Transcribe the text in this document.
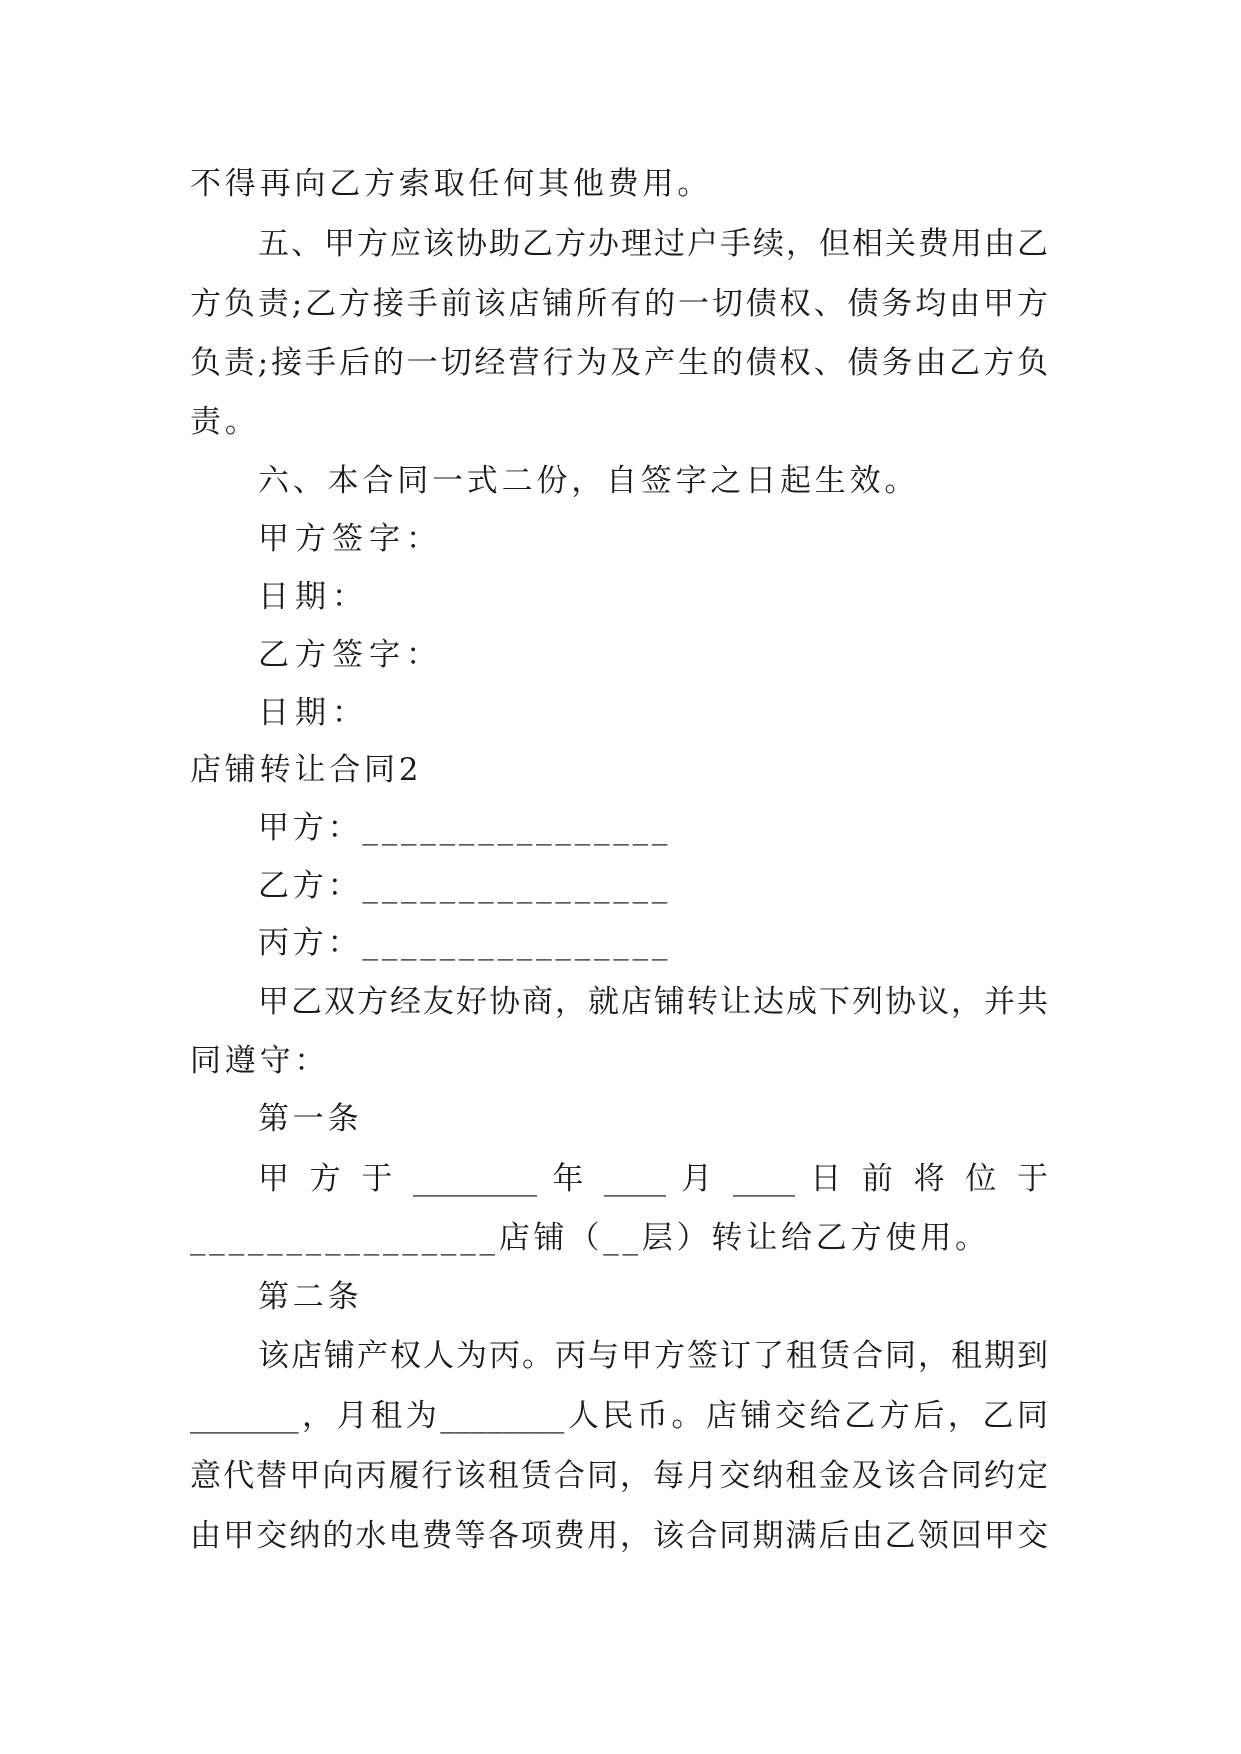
不得再向乙方索取任何其他费用。
五、甲方应该协助乙方办理过户手续，但相关费用由乙
方负责;乙方接手前该店铺所有的一切债权、债务均由甲方
负责;接手后的一切经营行为及产生的债权、债务由乙方负
责。
六、本合同一式二份，自签字之日起生效。
甲方签字：
日期：
乙方签字：
日期：
店铺转让合同2
甲方：________________
乙方：________________
丙方：________________
甲乙双方经友好协商，就店铺转让达成下列协议，并共
同遵守：
第一条
甲 方 于 ________ 年 ____ 月 ____ 日 前 将 位 于
________________店铺（__层）转让给乙方使用。
第二条
该店铺产权人为丙。丙与甲方签订了租赁合同，租期到
_______，月租为________人民币。店铺交给乙方后，乙同
意代替甲向丙履行该租赁合同，每月交纳租金及该合同约定
由甲交纳的水电费等各项费用，该合同期满后由乙领回甲交
